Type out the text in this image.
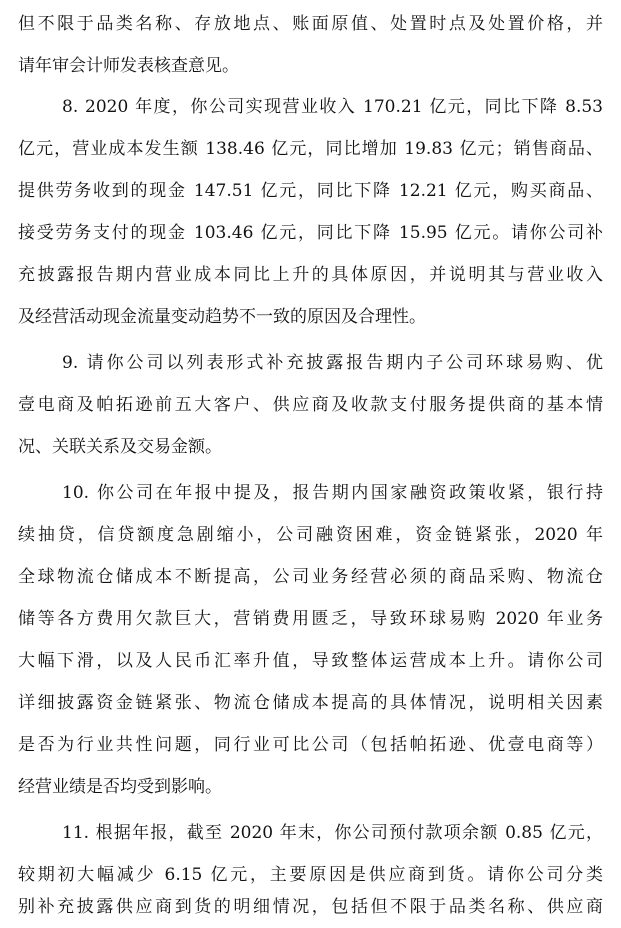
但不限于品类名称、存放地点、账面原值、处置时点及处置价格，并
请年审会计师发表核查意见。
8. 2020 年度，你公司实现营业收入 170.21 亿元，同比下降 8.53
亿元，营业成本发生额 138.46 亿元，同比增加 19.83 亿元；销售商品、
提供劳务收到的现金 147.51 亿元，同比下降 12.21 亿元，购买商品、
接受劳务支付的现金 103.46 亿元，同比下降 15.95 亿元。请你公司补
充披露报告期内营业成本同比上升的具体原因，并说明其与营业收入
及经营活动现金流量变动趋势不一致的原因及合理性。
9. 请你公司以列表形式补充披露报告期内子公司环球易购、优
壹电商及帕拓逊前五大客户、供应商及收款支付服务提供商的基本情
况、关联关系及交易金额。
10. 你公司在年报中提及，报告期内国家融资政策收紧，银行持
续抽贷，信贷额度急剧缩小，公司融资困难，资金链紧张，2020 年
全球物流仓储成本不断提高，公司业务经营必须的商品采购、物流仓
储等各方费用欠款巨大，营销费用匮乏，导致环球易购 2020 年业务
大幅下滑，以及人民币汇率升值，导致整体运营成本上升。请你公司
详细披露资金链紧张、物流仓储成本提高的具体情况，说明相关因素
是否为行业共性问题，同行业可比公司（包括帕拓逊、优壹电商等）
经营业绩是否均受到影响。
11. 根据年报，截至 2020 年末，你公司预付款项余额 0.85 亿元，
较期初大幅减少 6.15 亿元，主要原因是供应商到货。请你公司分类
别补充披露供应商到货的明细情况，包括但不限于品类名称、供应商
